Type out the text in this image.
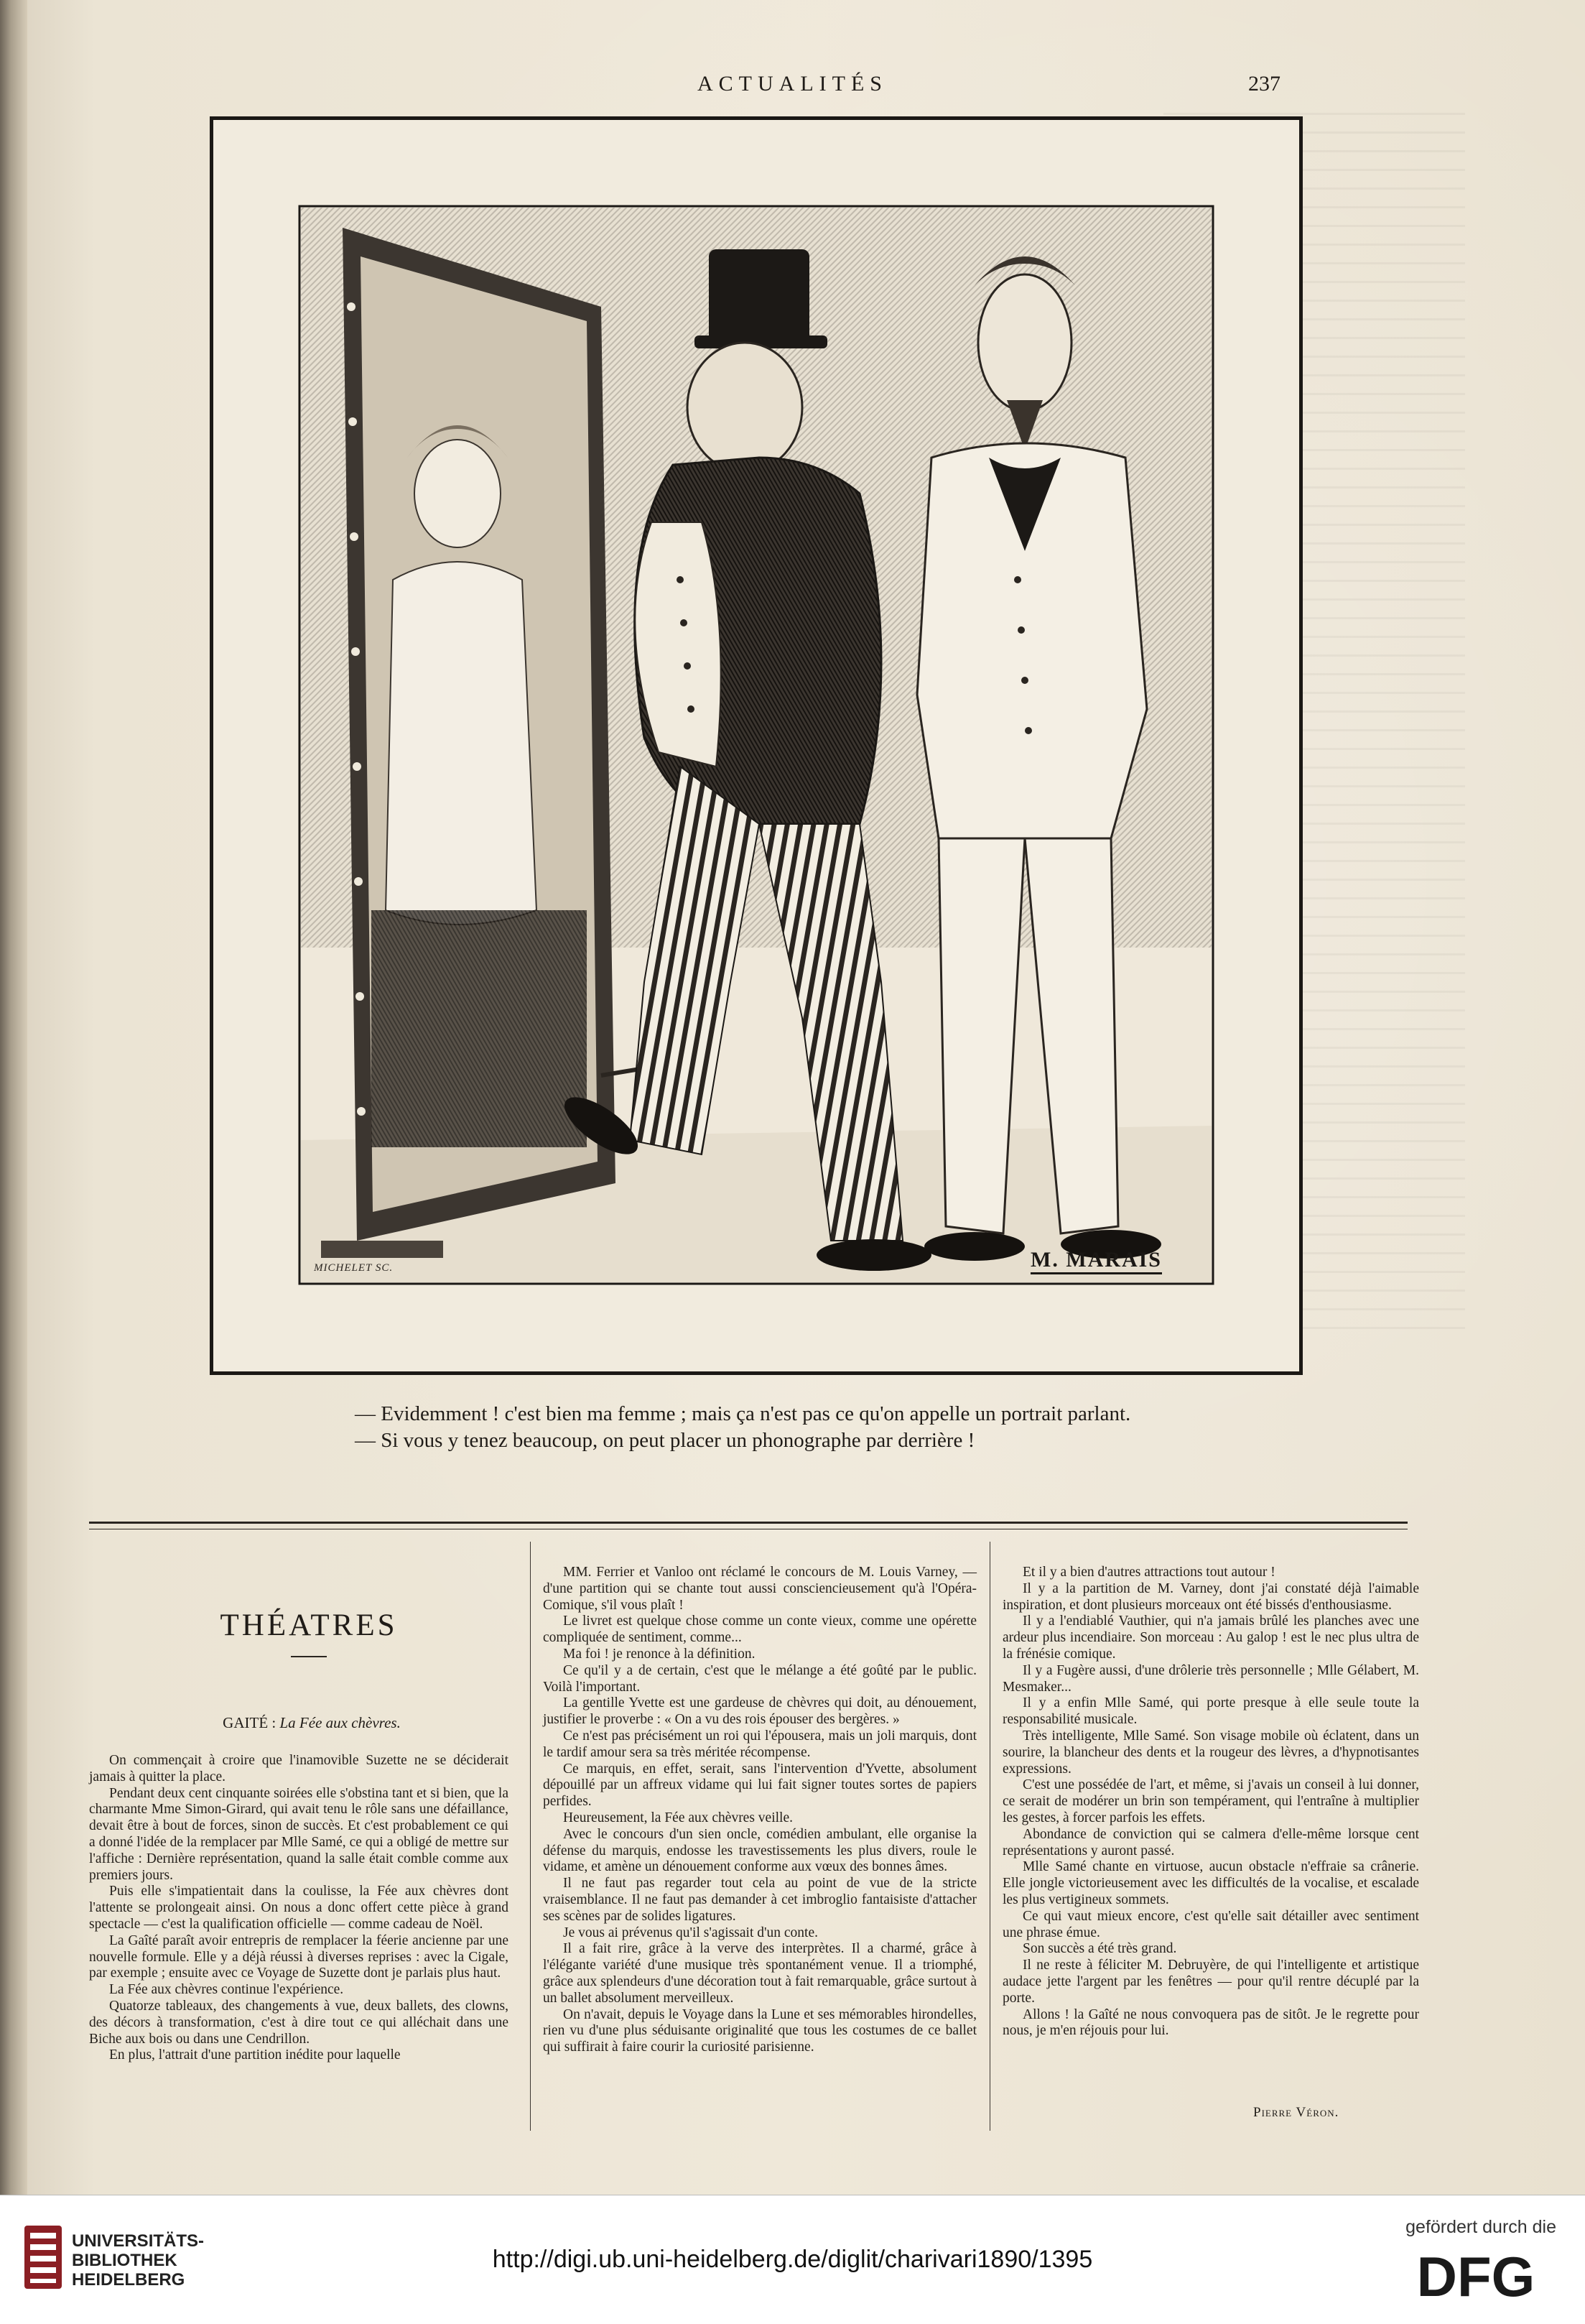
ACTUALITÉS	237
MICHELET SC.	M. MARAIS

— Evidemment ! c'est bien ma femme ; mais ça n'est pas ce qu'on appelle un portrait parlant.

— Si vous y tenez beaucoup, on peut placer un phonographe par derrière !

THÉATRES
GAITÉ : La Fée aux chèvres.

On commençait à croire que l'inamovible Suzette ne se déciderait jamais à quitter la place.

Pendant deux cent cinquante soirées elle s'obstina tant et si bien, que la charmante Mme Simon-Girard, qui avait tenu le rôle sans une défaillance, devait être à bout de forces, sinon de succès. Et c'est probablement ce qui a donné l'idée de la remplacer par Mlle Samé, ce qui a obligé de mettre sur l'affiche : Dernière représentation, quand la salle était comble comme aux premiers jours.

Puis elle s'impatientait dans la coulisse, la Fée aux chèvres dont l'attente se prolongeait ainsi. On nous a donc offert cette pièce à grand spectacle — c'est la qualification officielle — comme cadeau de Noël.

La Gaîté paraît avoir entrepris de remplacer la féerie ancienne par une nouvelle formule. Elle y a déjà réussi à diverses reprises : avec la Cigale, par exemple ; ensuite avec ce Voyage de Suzette dont je parlais plus haut.

La Fée aux chèvres continue l'expérience.

Quatorze tableaux, des changements à vue, deux ballets, des clowns, des décors à transformation, c'est à dire tout ce qui alléchait dans une Biche aux bois ou dans une Cendrillon.

En plus, l'attrait d'une partition inédite pour laquelle

MM. Ferrier et Vanloo ont réclamé le concours de M. Louis Varney, — d'une partition qui se chante tout aussi consciencieusement qu'à l'Opéra-Comique, s'il vous plaît !

Le livret est quelque chose comme un conte vieux, comme une opérette compliquée de sentiment, comme...

Ma foi ! je renonce à la définition.

Ce qu'il y a de certain, c'est que le mélange a été goûté par le public. Voilà l'important.

La gentille Yvette est une gardeuse de chèvres qui doit, au dénouement, justifier le proverbe : « On a vu des rois épouser des bergères. »

Ce n'est pas précisément un roi qui l'épousera, mais un joli marquis, dont le tardif amour sera sa très méritée récompense.

Ce marquis, en effet, serait, sans l'intervention d'Yvette, absolument dépouillé par un affreux vidame qui lui fait signer toutes sortes de papiers perfides.

Heureusement, la Fée aux chèvres veille.

Avec le concours d'un sien oncle, comédien ambulant, elle organise la défense du marquis, endosse les travestissements les plus divers, roule le vidame, et amène un dénouement conforme aux vœux des bonnes âmes.

Il ne faut pas regarder tout cela au point de vue de la stricte vraisemblance. Il ne faut pas demander à cet imbroglio fantaisiste d'attacher ses scènes par de solides ligatures.

Je vous ai prévenus qu'il s'agissait d'un conte.

Il a fait rire, grâce à la verve des interprètes. Il a charmé, grâce à l'élégante variété d'une musique très spontanément venue. Il a triomphé, grâce aux splendeurs d'une décoration tout à fait remarquable, grâce surtout à un ballet absolument merveilleux.

On n'avait, depuis le Voyage dans la Lune et ses mémorables hirondelles, rien vu d'une plus séduisante originalité que tous les costumes de ce ballet qui suffirait à faire courir la curiosité parisienne.

Et il y a bien d'autres attractions tout autour !

Il y a la partition de M. Varney, dont j'ai constaté déjà l'aimable inspiration, et dont plusieurs morceaux ont été bissés d'enthousiasme.

Il y a l'endiablé Vauthier, qui n'a jamais brûlé les planches avec une ardeur plus incendiaire. Son morceau : Au galop ! est le nec plus ultra de la frénésie comique.

Il y a Fugère aussi, d'une drôlerie très personnelle ; Mlle Gélabert, M. Mesmaker...

Il y a enfin Mlle Samé, qui porte presque à elle seule toute la responsabilité musicale.

Très intelligente, Mlle Samé. Son visage mobile où éclatent, dans un sourire, la blancheur des dents et la rougeur des lèvres, a d'hypnotisantes expressions.

C'est une possédée de l'art, et même, si j'avais un conseil à lui donner, ce serait de modérer un brin son tempérament, qui l'entraîne à multiplier les gestes, à forcer parfois les effets.

Abondance de conviction qui se calmera d'elle-même lorsque cent représentations y auront passé.

Mlle Samé chante en virtuose, aucun obstacle n'effraie sa crânerie. Elle jongle victorieusement avec les difficultés de la vocalise, et escalade les plus vertigineux sommets.

Ce qui vaut mieux encore, c'est qu'elle sait détailler avec sentiment une phrase émue.

Son succès a été très grand.

Il ne reste à féliciter M. Debruyère, de qui l'intelligente et artistique audace jette l'argent par les fenêtres — pour qu'il rentre décuplé par la porte.

Allons ! la Gaîté ne nous convoquera pas de sitôt. Je le regrette pour nous, je m'en réjouis pour lui.

Pierre Véron.
UNIVERSITÄTS-
BIBLIOTHEK
HEIDELBERG
http://digi.ub.uni-heidelberg.de/diglit/charivari1890/1395
gefördert durch die
DFG
